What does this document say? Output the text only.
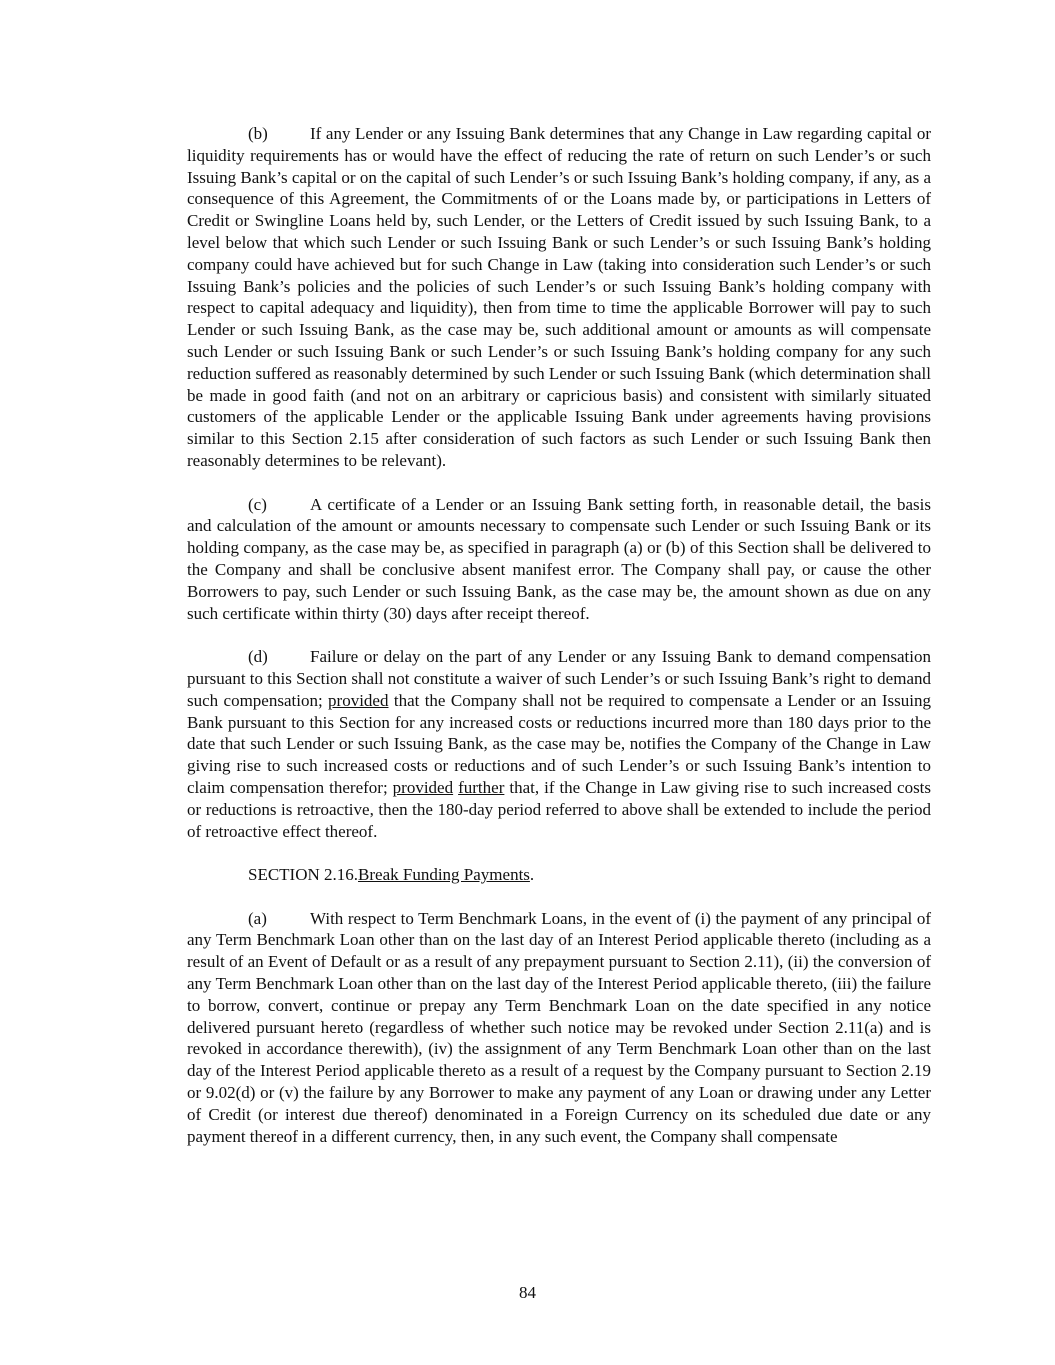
(b) If any Lender or any Issuing Bank determines that any Change in Law regarding capital or liquidity requirements has or would have the effect of reducing the rate of return on such Lender’s or such Issuing Bank’s capital or on the capital of such Lender’s or such Issuing Bank’s holding company, if any, as a consequence of this Agreement, the Commitments of or the Loans made by, or participations in Letters of Credit or Swingline Loans held by, such Lender, or the Letters of Credit issued by such Issuing Bank, to a level below that which such Lender or such Issuing Bank or such Lender’s or such Issuing Bank’s holding company could have achieved but for such Change in Law (taking into consideration such Lender’s or such Issuing Bank’s policies and the policies of such Lender’s or such Issuing Bank’s holding company with respect to capital adequacy and liquidity), then from time to time the applicable Borrower will pay to such Lender or such Issuing Bank, as the case may be, such additional amount or amounts as will compensate such Lender or such Issuing Bank or such Lender’s or such Issuing Bank’s holding company for any such reduction suffered as reasonably determined by such Lender or such Issuing Bank (which determination shall be made in good faith (and not on an arbitrary or capricious basis) and consistent with similarly situated customers of the applicable Lender or the applicable Issuing Bank under agreements having provisions similar to this Section 2.15 after consideration of such factors as such Lender or such Issuing Bank then reasonably determines to be relevant).

(c)	A certificate of a Lender or an Issuing Bank setting forth, in reasonable detail, the basis and calculation of the amount or amounts necessary to compensate such Lender or such Issuing Bank or its holding company, as the case may be, as specified in paragraph (a) or (b) of this Section shall be delivered to the Company and shall be conclusive absent manifest error. The Company shall pay, or cause the other Borrowers to pay, such Lender or such Issuing Bank, as the case may be, the amount shown as due on any such certificate within thirty (30) days after receipt thereof.

(d) Failure or delay on the part of any Lender or any Issuing Bank to demand compensation pursuant to this Section shall not constitute a waiver of such Lender’s or such Issuing Bank’s right to demand such compensation; provided that the Company shall not be required to compensate a Lender or an Issuing Bank pursuant to this Section for any increased costs or reductions incurred more than 180 days prior to the date that such Lender or such Issuing Bank, as the case may be, notifies the Company of the Change in Law giving rise to such increased costs or reductions and of such Lender’s or such Issuing Bank’s intention to claim compensation therefor; provided further that, if the Change in Law giving rise to such increased costs or reductions is retroactive, then the 180-day period referred to above shall be extended to include the period of retroactive effect thereof.

SECTION 2.16.Break Funding Payments.

(a)	With respect to Term Benchmark Loans, in the event of (i) the payment of any principal of any Term Benchmark Loan other than on the last day of an Interest Period applicable thereto (including as a result of an Event of Default or as a result of any prepayment pursuant to Section 2.11), (ii) the conversion of any Term Benchmark Loan other than on the last day of the Interest Period applicable thereto, (iii) the failure to borrow, convert, continue or prepay any Term Benchmark Loan on the date specified in any notice delivered pursuant hereto (regardless of whether such notice may be revoked under Section 2.11(a) and is revoked in accordance therewith), (iv) the assignment of any Term Benchmark Loan other than on the last day of the Interest Period applicable thereto as a result of a request by the Company pursuant to Section 2.19 or 9.02(d) or (v) the failure by any Borrower to make any payment of any Loan or drawing under any Letter of Credit (or interest due thereof) denominated in a Foreign Currency on its scheduled due date or any payment thereof in a different currency, then, in any such event, the Company shall compensate

84
